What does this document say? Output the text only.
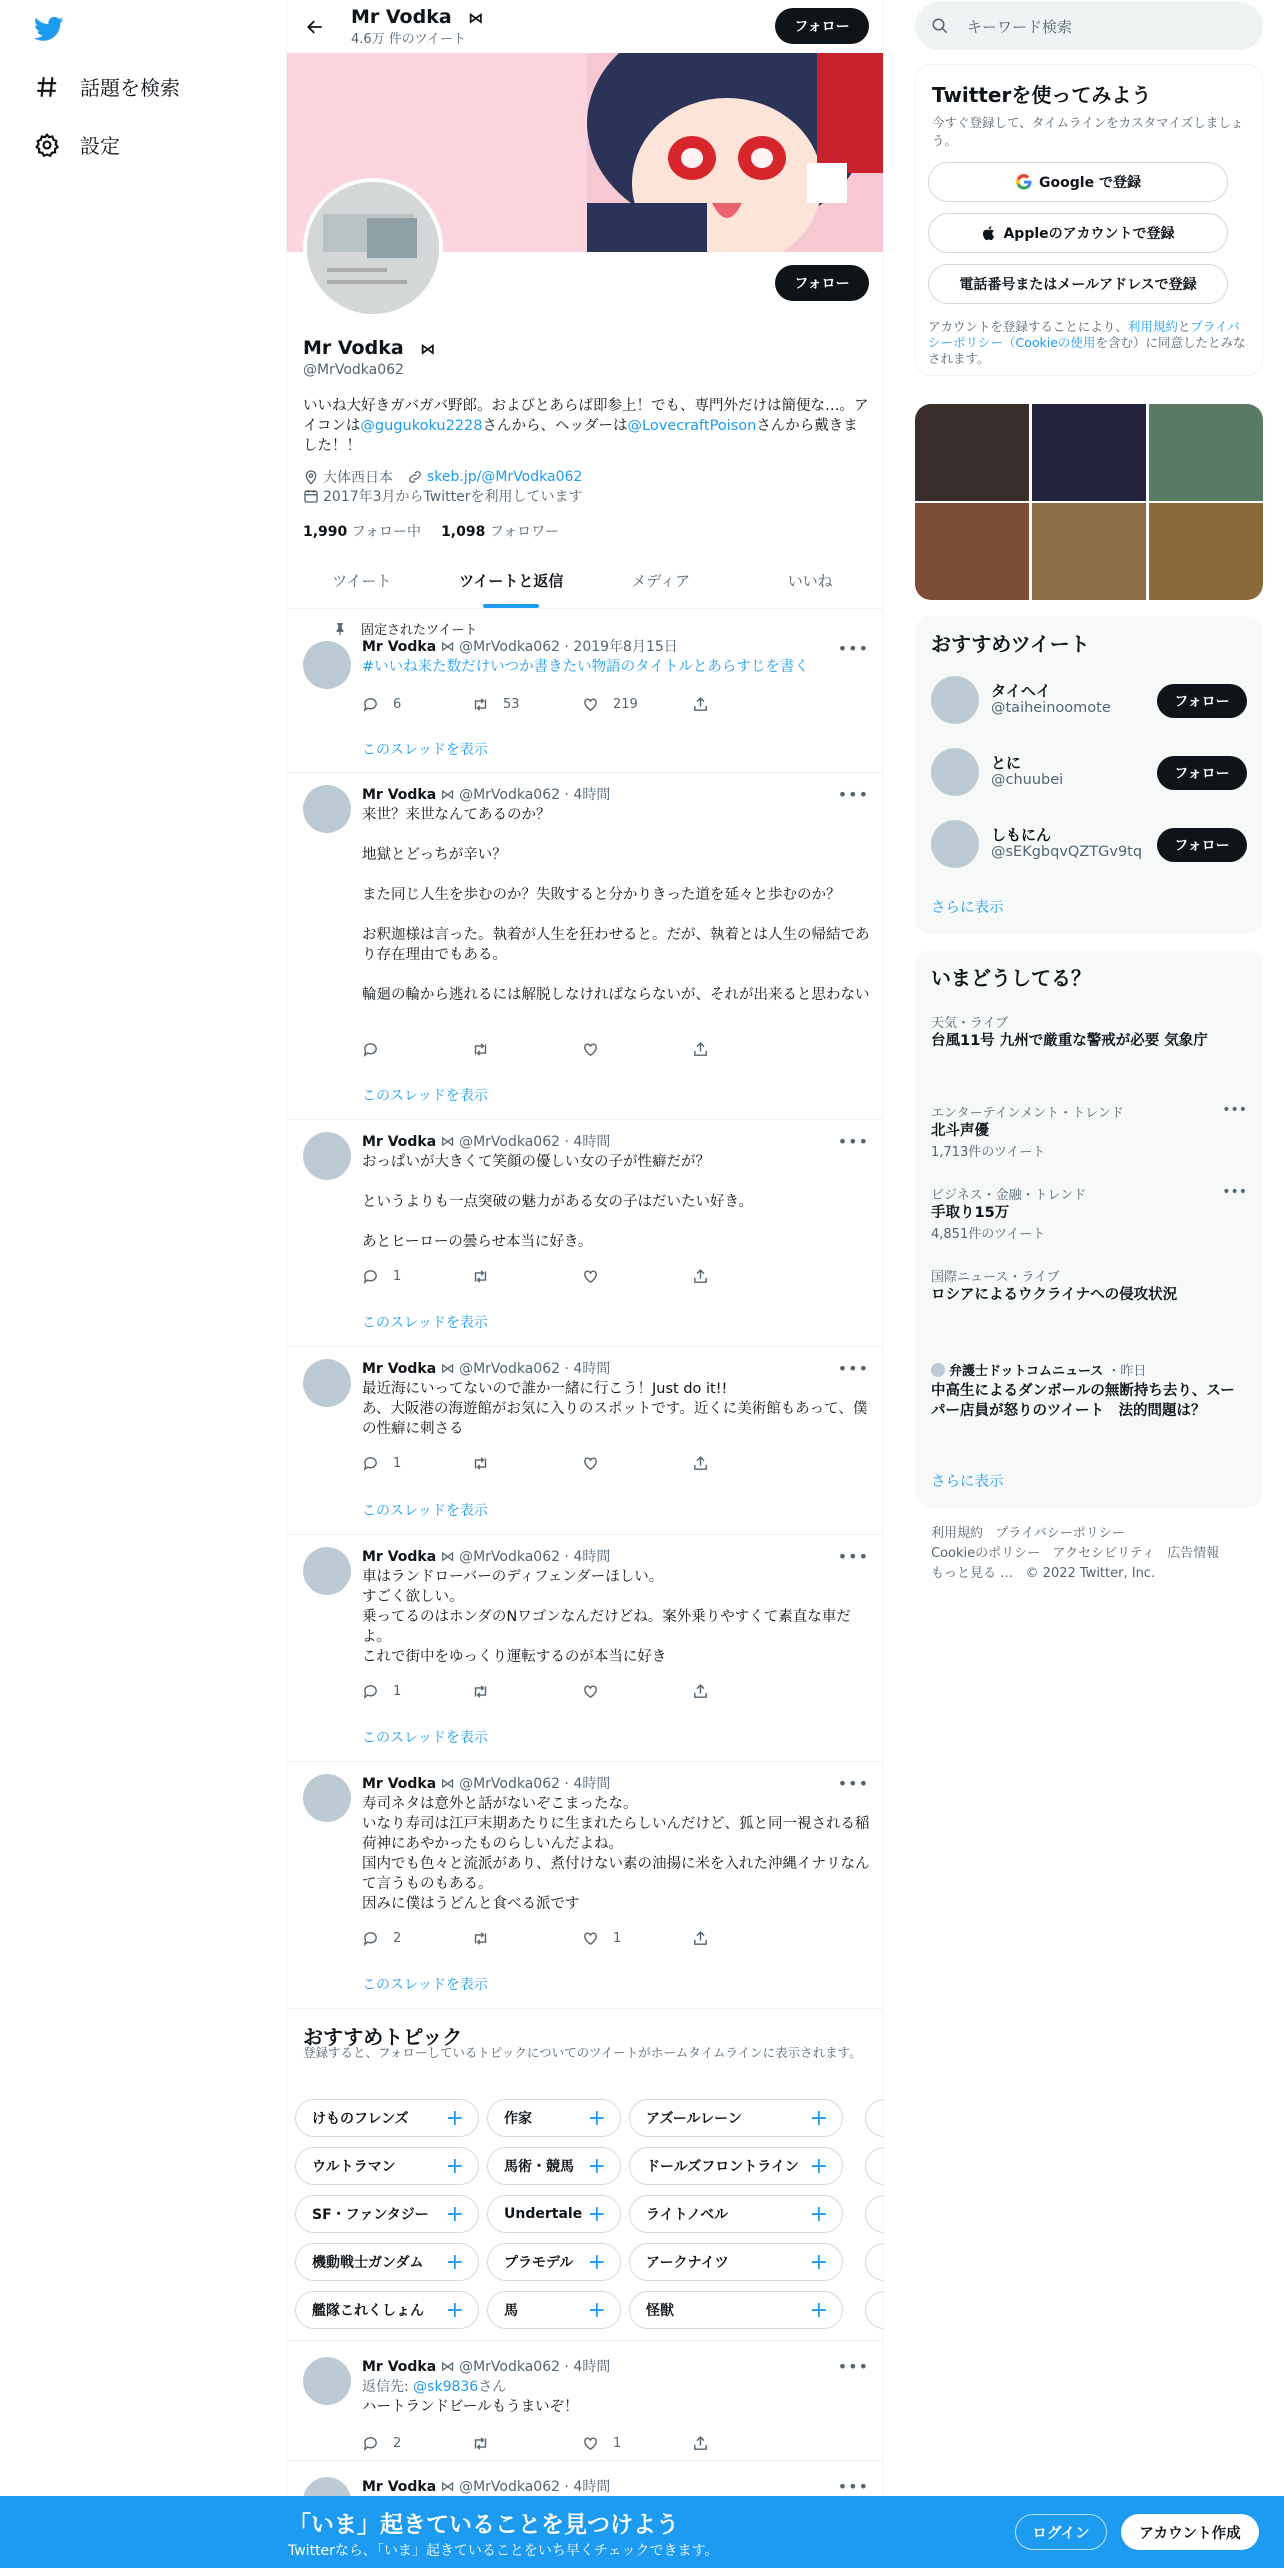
話題を検索
設定
フォロー
Mr Vodka ⋈
@MrVodka062
いいね大好きガバガバ野郎。およびとあらば即参上！でも、専門外だけは簡便な…。アイコンは@gugukoku2228さんから、ヘッダーは@LovecraftPoisonさんから戴きました！！
大体西日本 skeb.jp/@MrVodka062
2017年3月からTwitterを利用しています
1,990 フォロー中 1,098 フォロワー
ツイート	ツイートと返信	メディア	いいね
固定されたツイート
Mr Vodka ⋈ @MrVodka062 · 2019年8月15日
#いいね来た数だけいつか書きたい物語のタイトルとあらすじを書く
•••
6	53	219
このスレッドを表示
Mr Vodka ⋈ @MrVodka062 · 4時間
来世？来世なんてあるのか？

地獄とどっちが辛い？

また同じ人生を歩むのか？失敗すると分かりきった道を延々と歩むのか？

お釈迦様は言った。執着が人生を狂わせると。だが、執着とは人生の帰結であり存在理由でもある。

輪廻の輪から逃れるには解脱しなければならないが、それが出来ると思わない
•••
このスレッドを表示
Mr Vodka ⋈ @MrVodka062 · 4時間
おっぱいが大きくて笑顔の優しい女の子が性癖だが？

というよりも一点突破の魅力がある女の子はだいたい好き。

あとヒーローの曇らせ本当に好き。
•••
1
このスレッドを表示
Mr Vodka ⋈ @MrVodka062 · 4時間
最近海にいってないので誰か一緒に行こう！Just do it!!
あ、大阪港の海遊館がお気に入りのスポットです。近くに美術館もあって、僕の性癖に刺さる
•••
1
このスレッドを表示
Mr Vodka ⋈ @MrVodka062 · 4時間
車はランドローバーのディフェンダーほしい。
すごく欲しい。
乗ってるのはホンダのNワゴンなんだけどね。案外乗りやすくて素直な車だよ。
これで街中をゆっくり運転するのが本当に好き
•••
1
このスレッドを表示
Mr Vodka ⋈ @MrVodka062 · 4時間
寿司ネタは意外と話がないぞこまったな。
いなり寿司は江戸末期あたりに生まれたらしいんだけど、狐と同一視される稲荷神にあやかったものらしいんだよね。
国内でも色々と流派があり、煮付けない素の油揚に米を入れた沖縄イナリなんて言うものもある。
因みに僕はうどんと食べる派です
•••
2	1
このスレッドを表示
おすすめトピック
登録すると、フォローしているトピックについてのツイートがホームタイムラインに表示されます。
けものフレンズ +	作家	+	アズールレーン	+
ウルトラマン +	馬術・競馬 +	ドールズフロントライン +
SF・ファンタジー +	Undertale +	ライトノベル	+
機動戦士ガンダム +	プラモデル +	アークナイツ	+
艦隊これくしょん +	馬	+	怪獣	+
Mr Vodka ⋈ @MrVodka062 · 4時間
返信先: @sk9836さん
ハートランドビールもうまいぞ！
•••
2	1
Mr Vodka ⋈ @MrVodka062 · 4時間	•••
Mr Vodka ⋈
4.6万 件のツイート
フォロー	キーワード検索
Twitterを使ってみよう
今すぐ登録して、タイムラインをカスタマイズしましょう。
Google で登録
Appleのアカウントで登録
電話番号またはメールアドレスで登録
アカウントを登録することにより、利用規約とプライバシーポリシー（Cookieの使用を含む）に同意したとみなされます。
おすすめツイート
タイヘイ
@taiheinoomote	フォロー
とに
@chuubei	フォロー
しもにん
@sEKgbqvQZTGv9tq	フォロー
さらに表示
いまどうしてる？
天気・ライブ
台風11号 九州で厳重な警戒が必要 気象庁
エンターテインメント・トレンド
北斗声優
1,713件のツイート
•••
ビジネス・金融・トレンド
手取り15万
4,851件のツイート
•••
国際ニュース・ライブ
ロシアによるウクライナへの侵攻状況
弁護士ドットコムニュース ・昨日
中高生によるダンボールの無断持ち去り、スーパー店員が怒りのツイート　法的問題は？
さらに表示
利用規約 プライバシーポリシー
Cookieのポリシー アクセシビリティ 広告情報
もっと見る … © 2022 Twitter, Inc.
「いま」起きていることを見つけよう
Twitterなら、「いま」起きていることをいち早くチェックできます。
ログイン	アカウント作成
